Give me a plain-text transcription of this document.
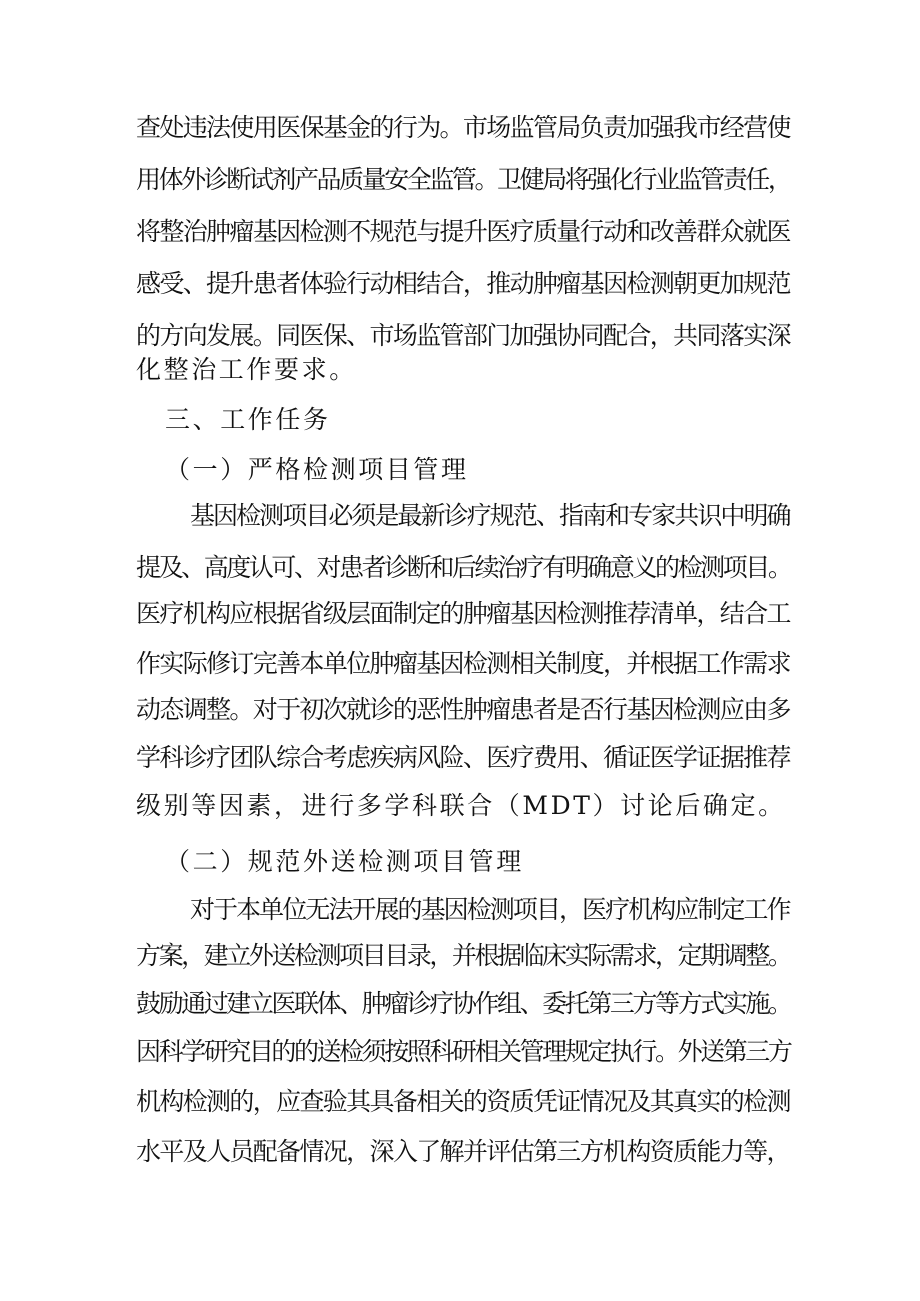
查处违法使用医保基金的行为。市场监管局负责加强我市经营使
用体外诊断试剂产品质量安全监管。卫健局将强化行业监管责任，
将整治肿瘤基因检测不规范与提升医疗质量行动和改善群众就医
感受、提升患者体验行动相结合，推动肿瘤基因检测朝更加规范
的方向发展。同医保、市场监管部门加强协同配合，共同落实深
化整治工作要求。
三、工作任务
（一）严格检测项目管理
基因检测项目必须是最新诊疗规范、指南和专家共识中明确
提及、高度认可、对患者诊断和后续治疗有明确意义的检测项目。
医疗机构应根据省级层面制定的肿瘤基因检测推荐清单，结合工
作实际修订完善本单位肿瘤基因检测相关制度，并根据工作需求
动态调整。对于初次就诊的恶性肿瘤患者是否行基因检测应由多
学科诊疗团队综合考虑疾病风险、医疗费用、循证医学证据推荐
级别等因素，进行多学科联合（MDT）讨论后确定。
（二）规范外送检测项目管理
对于本单位无法开展的基因检测项目，医疗机构应制定工作
方案，建立外送检测项目目录，并根据临床实际需求，定期调整。
鼓励通过建立医联体、肿瘤诊疗协作组、委托第三方等方式实施。
因科学研究目的的送检须按照科研相关管理规定执行。外送第三方
机构检测的，应查验其具备相关的资质凭证情况及其真实的检测
水平及人员配备情况，深入了解并评估第三方机构资质能力等，
